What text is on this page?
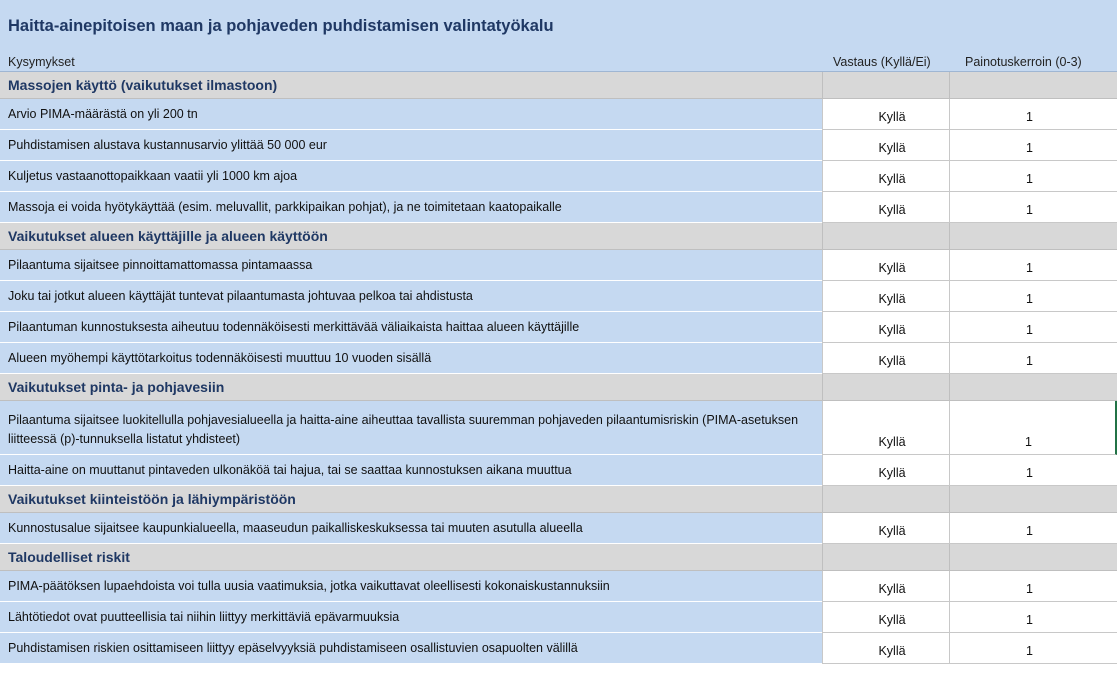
Haitta-ainepitoisen maan ja pohjaveden puhdistamisen valintatyökalu
Kysymykset	Vastaus (Kyllä/Ei)	Painotuskerroin (0-3)
Massojen käyttö (vaikutukset ilmastoon)
Arvio PIMA-määrästä on yli 200 tn	Kyllä	1
Puhdistamisen alustava kustannusarvio ylittää 50 000 eur	Kyllä	1
Kuljetus vastaanottopaikkaan vaatii yli 1000 km ajoa	Kyllä	1
Massoja ei voida hyötykäyttää (esim. meluvallit, parkkipaikan pohjat), ja ne toimitetaan kaatopaikalle	Kyllä	1
Vaikutukset alueen käyttäjille ja alueen käyttöön
Pilaantuma sijaitsee pinnoittamattomassa pintamaassa	Kyllä	1
Joku tai jotkut alueen käyttäjät tuntevat pilaantumasta johtuvaa pelkoa tai ahdistusta	Kyllä	1
Pilaantuman kunnostuksesta aiheutuu todennäköisesti merkittävää väliaikaista haittaa alueen käyttäjille	Kyllä	1
Alueen myöhempi käyttötarkoitus todennäköisesti muuttuu 10 vuoden sisällä	Kyllä	1
Vaikutukset pinta- ja pohjavesiin
Pilaantuma sijaitsee luokitellulla pohjavesialueella ja haitta-aine aiheuttaa tavallista suuremman pohjaveden pilaantumisriskin (PIMA-asetuksen liitteessä (p)-tunnuksella listatut yhdisteet)	Kyllä	1
Haitta-aine on muuttanut pintaveden ulkonäköä tai hajua, tai se saattaa kunnostuksen aikana muuttua	Kyllä	1
Vaikutukset kiinteistöön ja lähiympäristöön
Kunnostusalue sijaitsee kaupunkialueella, maaseudun paikalliskeskuksessa tai muuten asutulla alueella	Kyllä	1
Taloudelliset riskit
PIMA-päätöksen lupaehdoista voi tulla uusia vaatimuksia, jotka vaikuttavat oleellisesti kokonaiskustannuksiin	Kyllä	1
Lähtötiedot ovat puutteellisia tai niihin liittyy merkittäviä epävarmuuksia	Kyllä	1
Puhdistamisen riskien osittamiseen liittyy epäselvyyksiä puhdistamiseen osallistuvien osapuolten välillä	Kyllä	1
